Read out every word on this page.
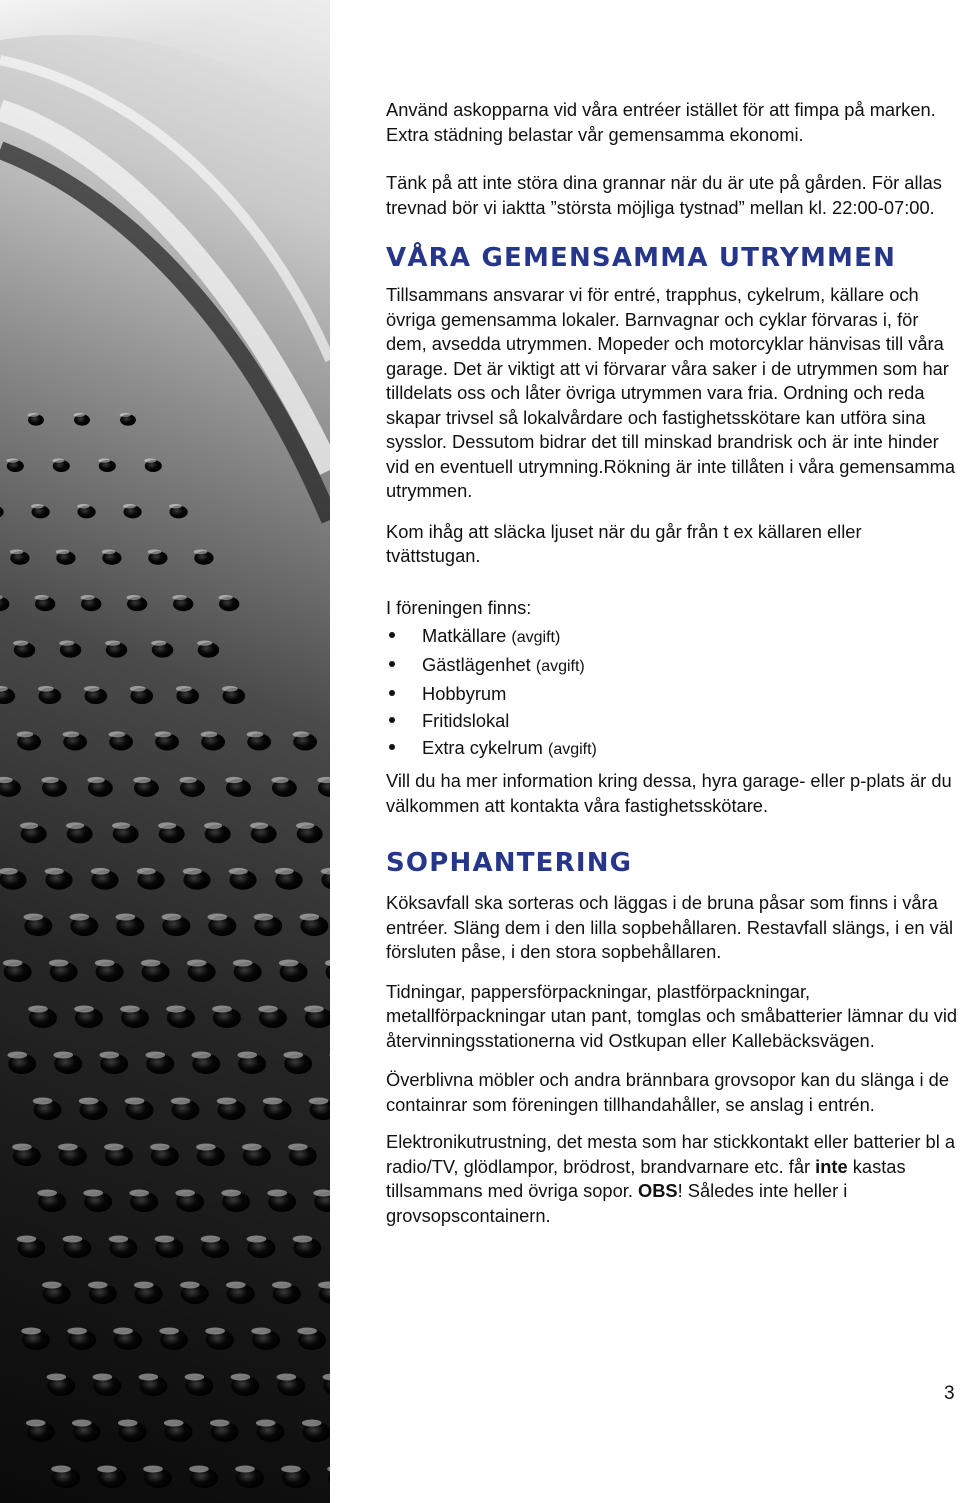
Använd askopparna vid våra entréer istället för att fimpa på marken. Extra städning belastar vår gemensamma ekonomi.

Tänk på att inte störa dina grannar när du är ute på gården. För allas trevnad bör vi iaktta ”största möjliga tystnad” mellan kl. 22:00-07:00.

VÅRA GEMENSAMMA UTRYMMEN

Tillsammans ansvarar vi för entré, trapphus, cykelrum, källare och övriga gemensamma lokaler. Barnvagnar och cyklar förvaras i, för dem, avsedda utrymmen. Mopeder och motorcyklar hänvisas till våra garage. Det är viktigt att vi förvarar våra saker i de utrymmen som har tilldelats oss och låter övriga utrymmen vara fria. Ordning och reda skapar trivsel så lokalvårdare och fastighetsskötare kan utföra sina sysslor. Dessutom bidrar det till minskad brandrisk och är inte hinder vid en eventuell utrymning.Rökning är inte tillåten i våra gemensamma utrymmen.

Kom ihåg att släcka ljuset när du går från t ex källaren eller tvättstugan.

I föreningen finns:

Matkällare (avgift)
Gästlägenhet (avgift)
Hobbyrum
Fritidslokal
Extra cykelrum (avgift)

Vill du ha mer information kring dessa, hyra garage- eller p-plats är du välkommen att kontakta våra fastighetsskötare.

SOPHANTERING

Köksavfall ska sorteras och läggas i de bruna påsar som finns i våra entréer. Släng dem i den lilla sopbehållaren. Restavfall slängs, i en väl försluten påse, i den stora sopbehållaren.

Tidningar, pappersförpackningar, plastförpackningar, metallförpackningar utan pant, tomglas och småbatterier lämnar du vid återvinningsstationerna vid Ostkupan eller Kallebäcksvägen.

Överblivna möbler och andra brännbara grovsopor kan du slänga i de containrar som föreningen tillhandahåller, se anslag i entrén.

Elektronikutrustning, det mesta som har stickkontakt eller batterier bl a radio/TV, glödlampor, brödrost, brandvarnare etc. får inte kastas tillsammans med övriga sopor. OBS! Således inte heller i grovsopscontainern.

3
